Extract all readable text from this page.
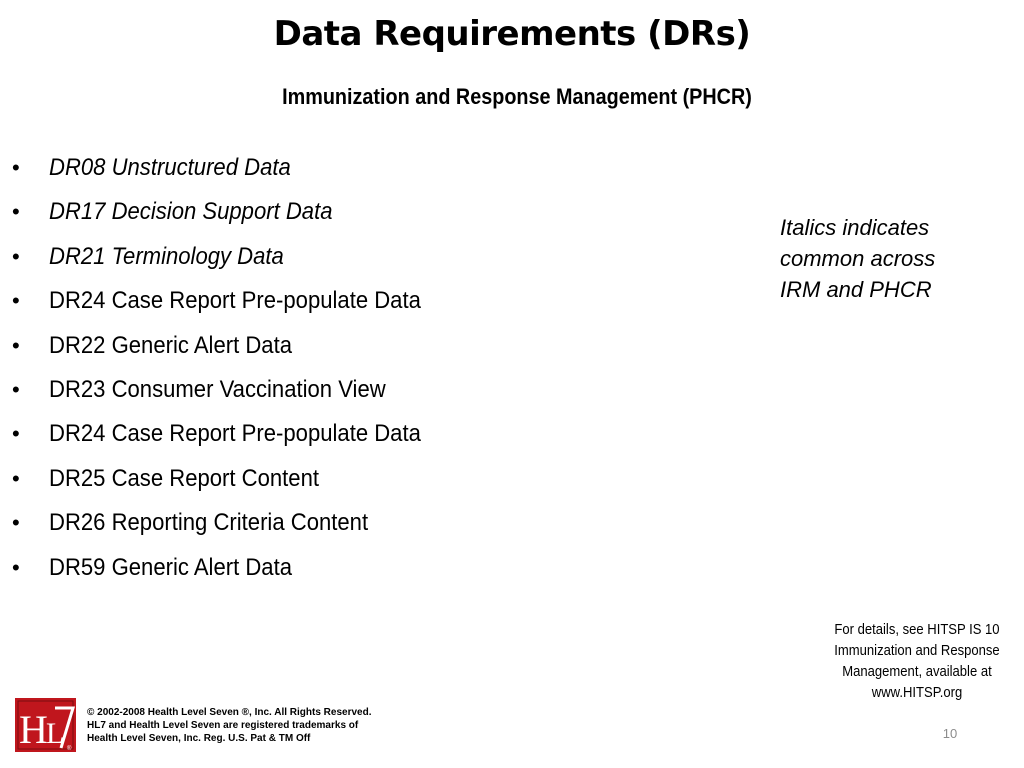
Data Requirements (DRs)
Immunization and Response Management (PHCR)
• DR08 Unstructured Data
• DR17 Decision Support Data
• DR21 Terminology Data
• DR24 Case Report Pre-populate Data
• DR22 Generic Alert Data
• DR23 Consumer Vaccination View
• DR24 Case Report Pre-populate Data
• DR25 Case Report Content
• DR26 Reporting Criteria Content
• DR59 Generic Alert Data
Italics indicates
common across
IRM and PHCR
For details, see HITSP IS 10
Immunization and Response
Management, available at
www.HITSP.org
H
L ®
© 2002-2008 Health Level Seven ®, Inc. All Rights Reserved.
HL7 and Health Level Seven are registered trademarks of
Health Level Seven, Inc. Reg. U.S. Pat & TM Off	10
